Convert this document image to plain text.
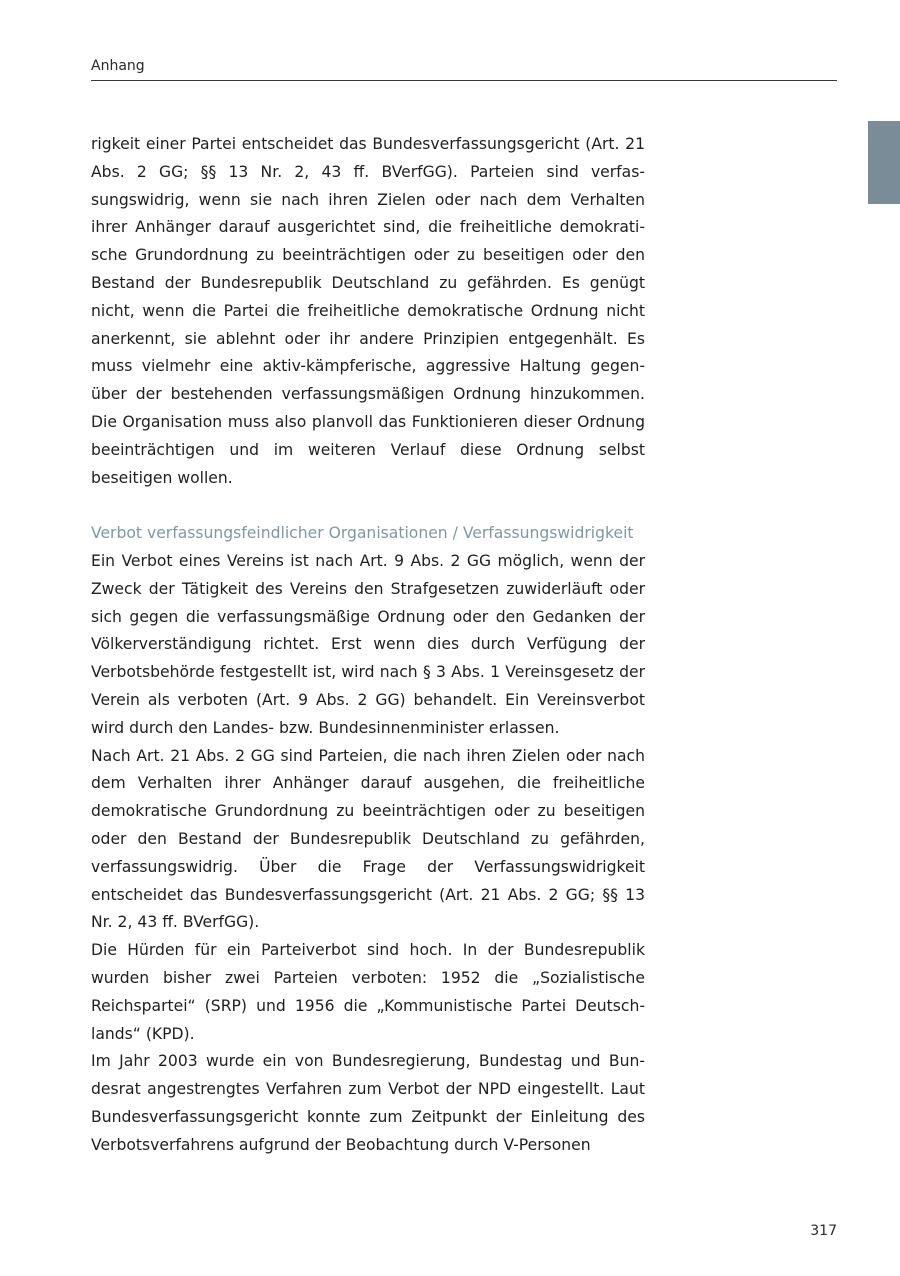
Anhang

rigkeit einer Partei entscheidet das Bundesverfassungsgericht (Art. 21 Abs. 2 GG; §§ 13 Nr. 2, 43 ff. BVerfGG). Parteien sind verfassungswidrig, wenn sie nach ihren Zielen oder nach dem Verhalten ihrer Anhänger darauf ausgerichtet sind, die freiheitliche demokratische Grundordnung zu beeinträchtigen oder zu beseitigen oder den Bestand der Bundesrepublik Deutschland zu gefährden. Es genügt nicht, wenn die Partei die freiheitliche demokratische Ordnung nicht anerkennt, sie ablehnt oder ihr andere Prinzipien entgegenhält. Es muss vielmehr eine aktiv-kämpferische, aggressive Haltung gegenüber der bestehenden verfassungsmäßigen Ordnung hinzukommen. Die Organisation muss also planvoll das Funktionieren dieser Ordnung beeinträchtigen und im weiteren Verlauf diese Ordnung selbst beseitigen wollen.

Verbot verfassungsfeindlicher Organisationen / Verfassungswidrigkeit

Ein Verbot eines Vereins ist nach Art. 9 Abs. 2 GG möglich, wenn der Zweck der Tätigkeit des Vereins den Strafgesetzen zuwiderläuft oder sich gegen die verfassungsmäßige Ordnung oder den Gedanken der Völkerverständigung richtet. Erst wenn dies durch Verfügung der Verbotsbehörde festgestellt ist, wird nach § 3 Abs. 1 Vereinsgesetz der Verein als verboten (Art. 9 Abs. 2 GG) behandelt. Ein Vereinsverbot wird durch den Landes- bzw. Bundesinnenminister erlassen.

Nach Art. 21 Abs. 2 GG sind Parteien, die nach ihren Zielen oder nach dem Verhalten ihrer Anhänger darauf ausgehen, die freiheitliche demokratische Grundordnung zu beeinträchtigen oder zu beseitigen oder den Bestand der Bundesrepublik Deutschland zu gefährden, verfassungswidrig. Über die Frage der Verfassungswidrigkeit entscheidet das Bundesverfassungsgericht (Art. 21 Abs. 2 GG; §§ 13 Nr. 2, 43 ff. BVerfGG).

Die Hürden für ein Parteiverbot sind hoch. In der Bundesrepublik wurden bisher zwei Parteien verboten: 1952 die „Sozialistische Reichspartei“ (SRP) und 1956 die „Kommunistische Partei Deutschlands“ (KPD).

Im Jahr 2003 wurde ein von Bundesregierung, Bundestag und Bundesrat angestrengtes Verfahren zum Verbot der NPD eingestellt. Laut Bundesverfassungsgericht konnte zum Zeitpunkt der Einleitung des Verbotsverfahrens aufgrund der Beobachtung durch V-Personen

317
